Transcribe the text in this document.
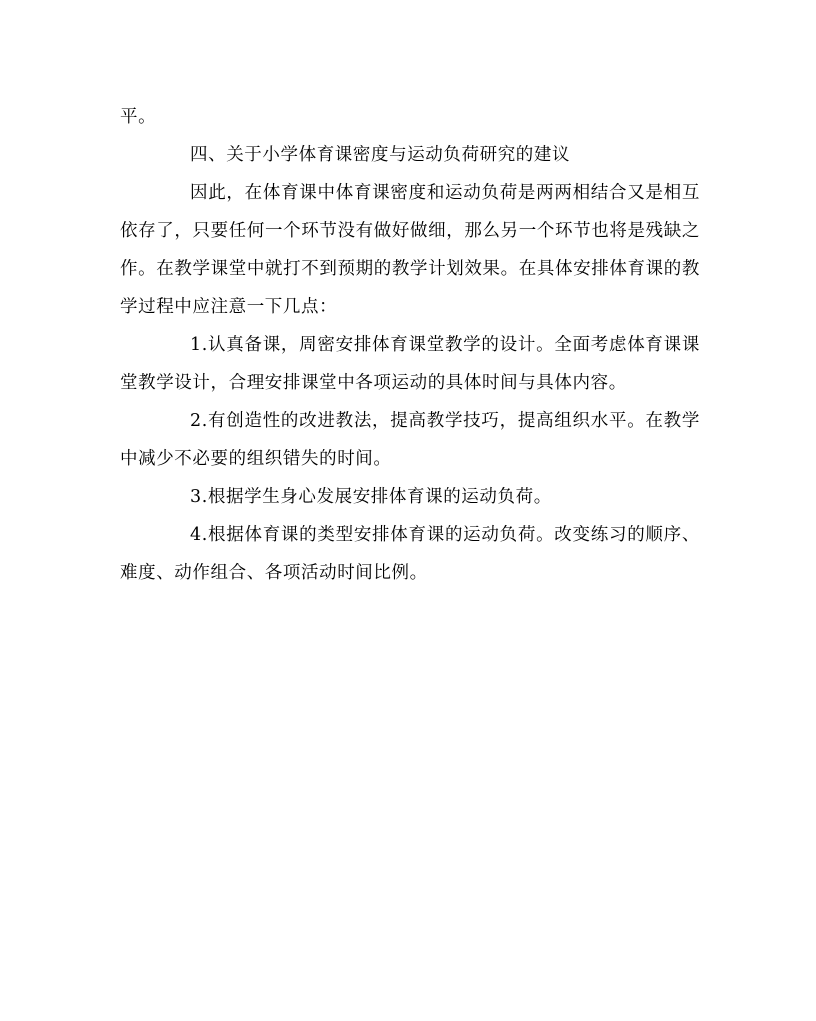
平。

四、关于小学体育课密度与运动负荷研究的建议

因此，在体育课中体育课密度和运动负荷是两两相结合又是相互依存了，只要任何一个环节没有做好做细，那么另一个环节也将是残缺之作。在教学课堂中就打不到预期的教学计划效果。在具体安排体育课的教学过程中应注意一下几点：

1.认真备课，周密安排体育课堂教学的设计。全面考虑体育课课堂教学设计，合理安排课堂中各项运动的具体时间与具体内容。

2.有创造性的改进教法，提高教学技巧，提高组织水平。在教学中减少不必要的组织错失的时间。

3.根据学生身心发展安排体育课的运动负荷。

4.根据体育课的类型安排体育课的运动负荷。改变练习的顺序、难度、动作组合、各项活动时间比例。
